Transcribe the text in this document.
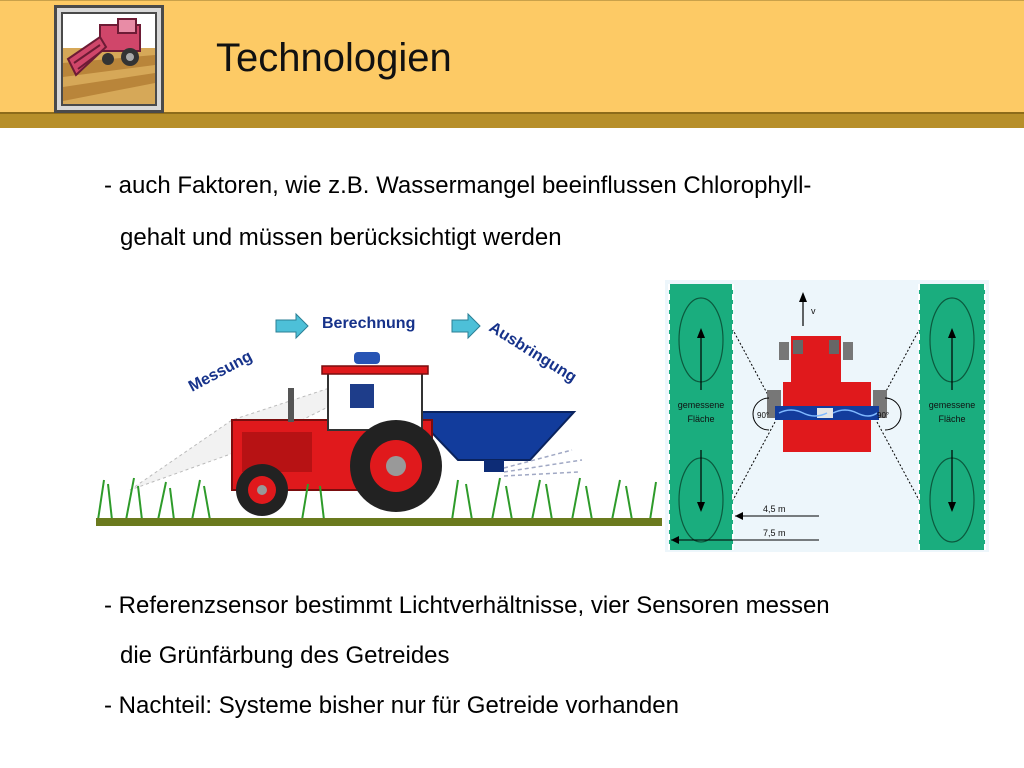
Technologien
- auch Faktoren, wie z.B. Wassermangel beeinflussen Chlorophyll-
gehalt und müssen berücksichtigt werden
Messung
Berechnung	Ausbringung
gemessene
Fläche
gemessene
Fläche
v
90°	90°
4,5 m
7,5 m
- Referenzsensor bestimmt Lichtverhältnisse, vier Sensoren messen
die Grünfärbung des Getreides
- Nachteil: Systeme bisher nur für Getreide vorhanden
